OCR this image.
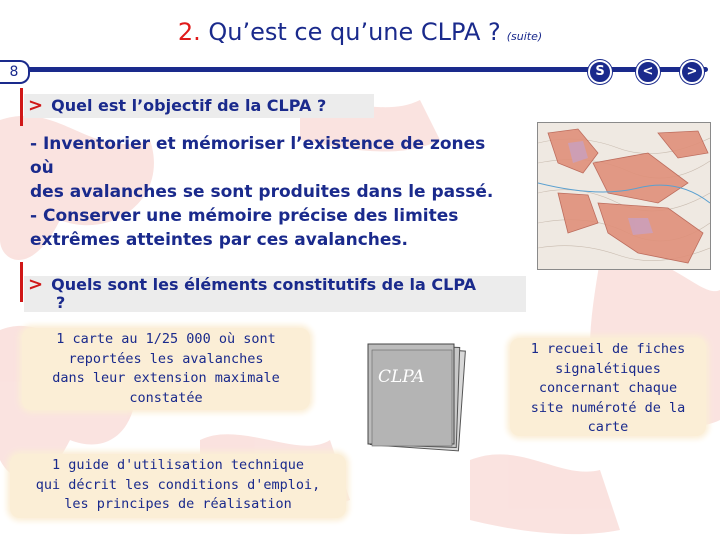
2. Qu’est ce qu’une CLPA ? (suite)
8	S	<	>
> Quel est l’objectif de la CLPA ?
- Inventorier et mémoriser l’existence de zones où
des avalanches se sont produites dans le passé.
- Conserver une mémoire précise des limites
extrêmes atteintes par ces avalanches.
> Quels sont les éléments constitutifs de la CLPA
?
1 carte au 1/25 000 où sont
reportées les avalanches
dans leur extension maximale
constatée
1 recueil de fiches
signalétiques
concernant chaque
site numéroté de la
carte
1 guide d'utilisation technique
qui décrit les conditions d'emploi,
les principes de réalisation
CLPA
